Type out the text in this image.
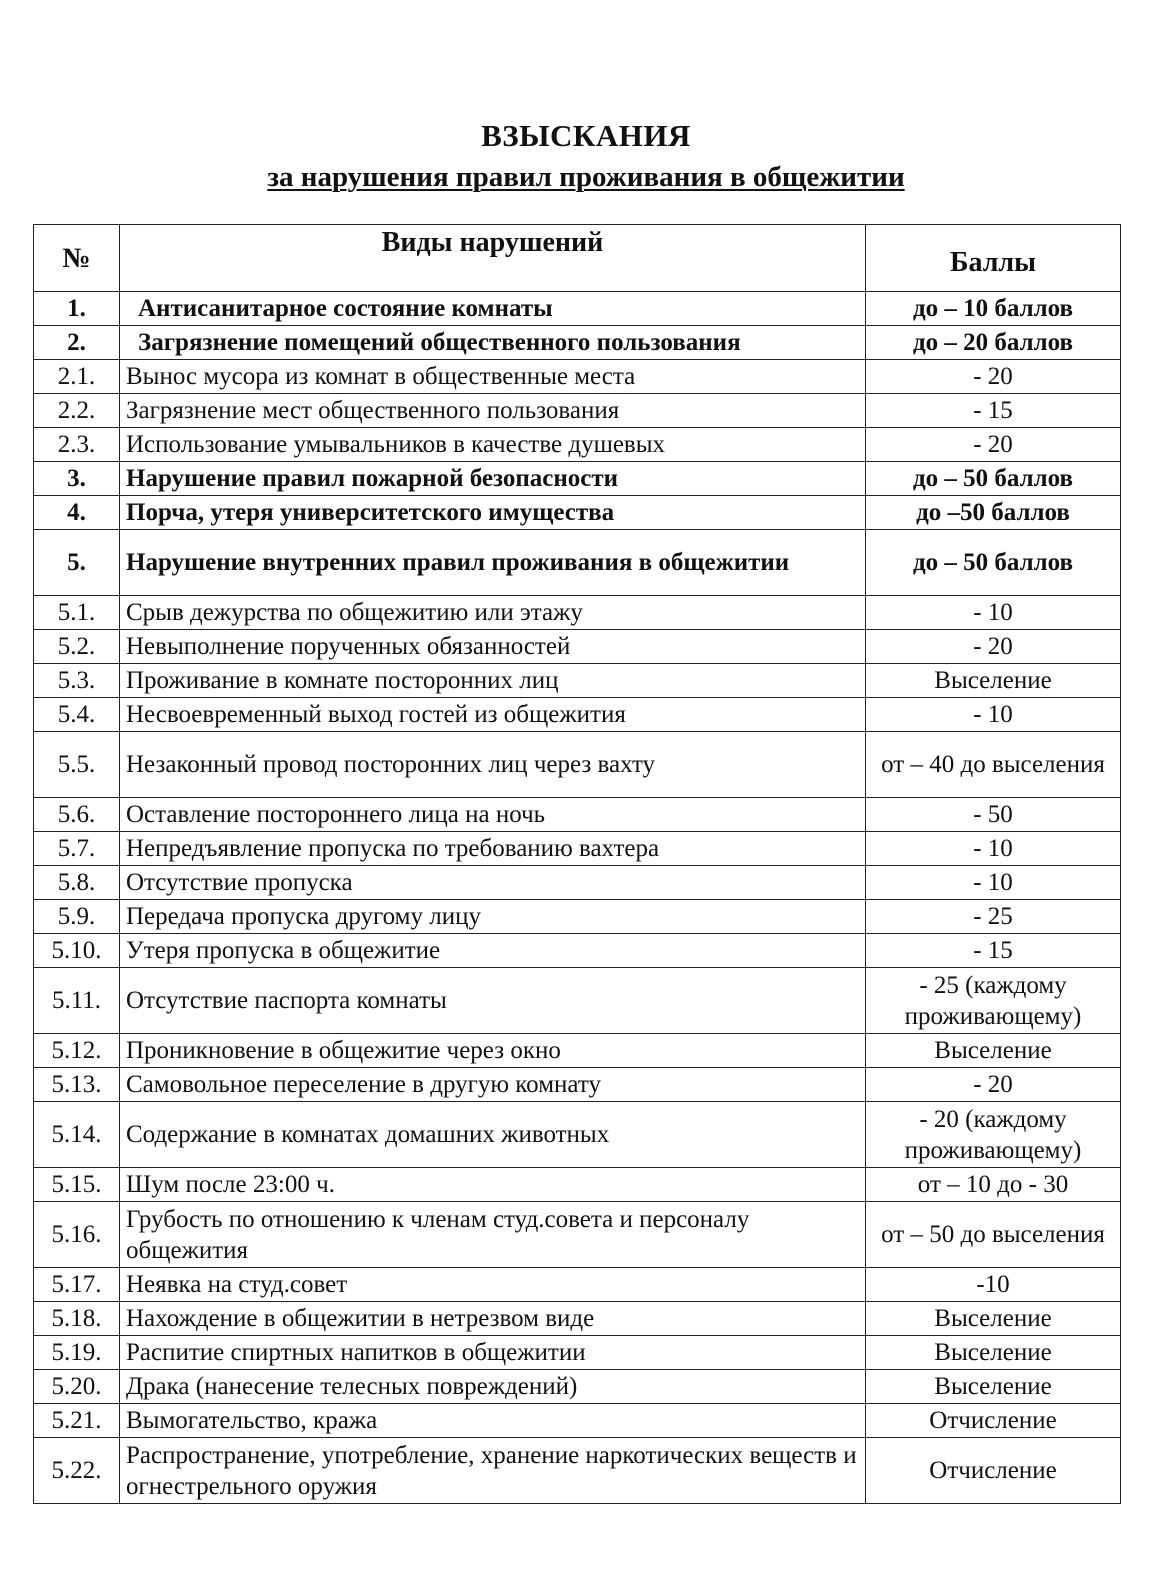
ВЗЫСКАНИЯ
за нарушения правил проживания в общежитии
№	Виды нарушений	Баллы
1.	Антисанитарное состояние комнаты	до – 10 баллов
2.	Загрязнение помещений общественного пользования	до – 20 баллов
2.1.	Вынос мусора из комнат в общественные места	- 20
2.2.	Загрязнение мест общественного пользования	- 15
2.3.	Использование умывальников в качестве душевых	- 20
3.	Нарушение правил пожарной безопасности	до – 50 баллов
4.	Порча, утеря университетского имущества	до –50 баллов
5.	Нарушение внутренних правил проживания в общежитии	до – 50 баллов
5.1.	Срыв дежурства по общежитию или этажу	- 10
5.2.	Невыполнение порученных обязанностей	- 20
5.3.	Проживание в комнате посторонних лиц	Выселение
5.4.	Несвоевременный выход гостей из общежития	- 10
5.5.	Незаконный провод посторонних лиц через вахту	от – 40 до выселения
5.6.	Оставление постороннего лица на ночь	- 50
5.7.	Непредъявление пропуска по требованию вахтера	- 10
5.8.	Отсутствие пропуска	- 10
5.9.	Передача пропуска другому лицу	- 25
5.10.	Утеря пропуска в общежитие	- 15
5.11.	Отсутствие паспорта комнаты	- 25 (каждому проживающему)
5.12.	Проникновение в общежитие через окно	Выселение
5.13.	Самовольное переселение в другую комнату	- 20
5.14.	Содержание в комнатах домашних животных	- 20 (каждому проживающему)
5.15.	Шум после 23:00 ч.	от – 10 до - 30
5.16.	Грубость по отношению к членам студ.совета и персоналу общежития	от – 50 до выселения
5.17.	Неявка на студ.совет	-10
5.18.	Нахождение в общежитии в нетрезвом виде	Выселение
5.19.	Распитие спиртных напитков в общежитии	Выселение
5.20.	Драка (нанесение телесных повреждений)	Выселение
5.21.	Вымогательство, кража	Отчисление
5.22.	Распространение, употребление, хранение наркотических веществ и огнестрельного оружия	Отчисление
